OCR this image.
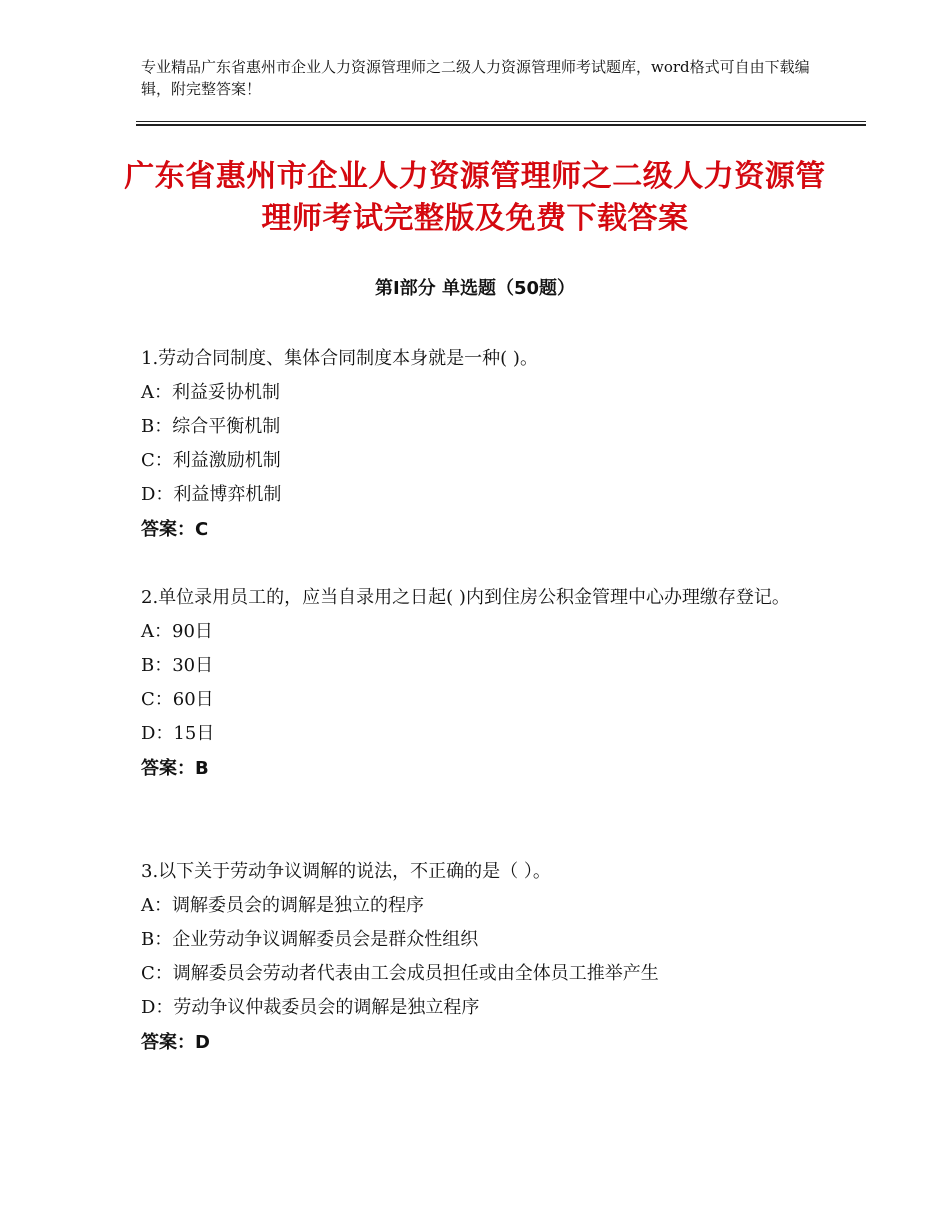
专业精品广东省惠州市企业人力资源管理师之二级人力资源管理师考试题库，word格式可自由下载编辑，附完整答案！
广东省惠州市企业人力资源管理师之二级人力资源管理师考试完整版及免费下载答案
第Ⅰ部分 单选题（50题）
1.劳动合同制度、集体合同制度本身就是一种( )。
A：利益妥协机制
B：综合平衡机制
C：利益激励机制
D：利益博弈机制
答案：C
2.单位录用员工的，应当自录用之日起( )内到住房公积金管理中心办理缴存登记。
A：90日
B：30日
C：60日
D：15日
答案：B
3.以下关于劳动争议调解的说法，不正确的是（ ）。
A：调解委员会的调解是独立的程序
B：企业劳动争议调解委员会是群众性组织
C：调解委员会劳动者代表由工会成员担任或由全体员工推举产生
D：劳动争议仲裁委员会的调解是独立程序
答案：D
